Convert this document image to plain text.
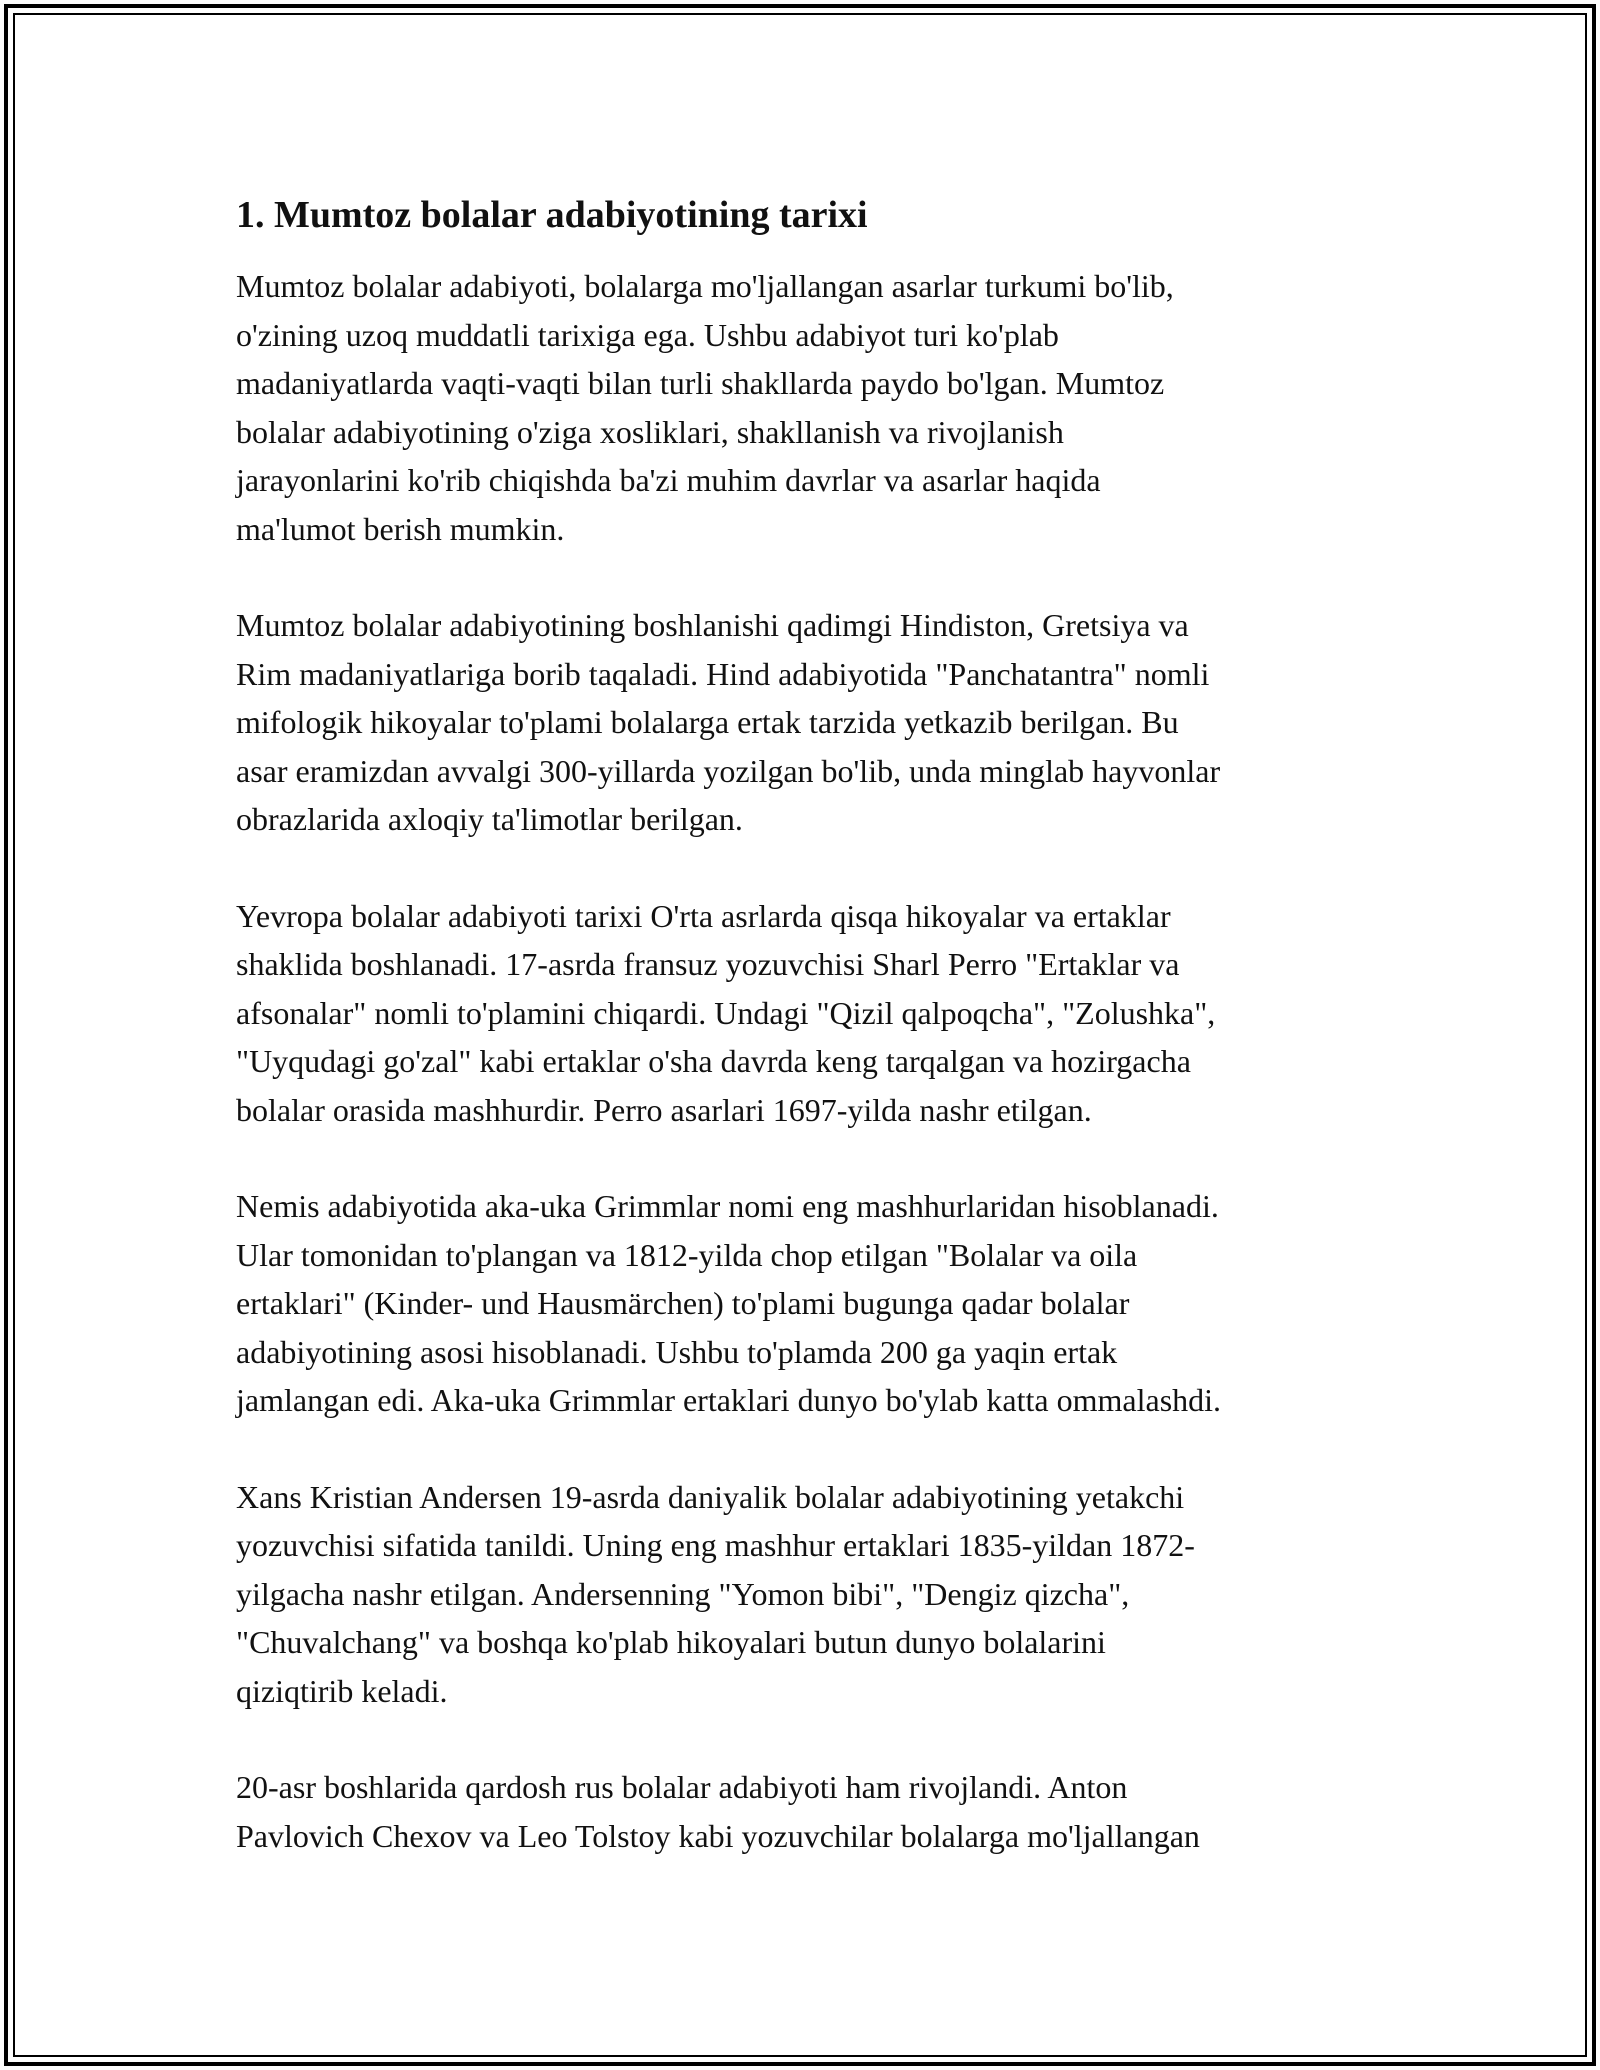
1. Mumtoz bolalar adabiyotining tarixi

Mumtoz bolalar adabiyoti, bolalarga mo'ljallangan asarlar turkumi bo'lib,
o'zining uzoq muddatli tarixiga ega. Ushbu adabiyot turi ko'plab
madaniyatlarda vaqti-vaqti bilan turli shakllarda paydo bo'lgan. Mumtoz
bolalar adabiyotining o'ziga xosliklari, shakllanish va rivojlanish
jarayonlarini ko'rib chiqishda ba'zi muhim davrlar va asarlar haqida
ma'lumot berish mumkin.

Mumtoz bolalar adabiyotining boshlanishi qadimgi Hindiston, Gretsiya va
Rim madaniyatlariga borib taqaladi. Hind adabiyotida "Panchatantra" nomli
mifologik hikoyalar to'plami bolalarga ertak tarzida yetkazib berilgan. Bu
asar eramizdan avvalgi 300-yillarda yozilgan bo'lib, unda minglab hayvonlar
obrazlarida axloqiy ta'limotlar berilgan.

Yevropa bolalar adabiyoti tarixi O'rta asrlarda qisqa hikoyalar va ertaklar
shaklida boshlanadi. 17-asrda fransuz yozuvchisi Sharl Perro "Ertaklar va
afsonalar" nomli to'plamini chiqardi. Undagi "Qizil qalpoqcha", "Zolushka",
"Uyqudagi go'zal" kabi ertaklar o'sha davrda keng tarqalgan va hozirgacha
bolalar orasida mashhurdir. Perro asarlari 1697-yilda nashr etilgan.

Nemis adabiyotida aka-uka Grimmlar nomi eng mashhurlaridan hisoblanadi.
Ular tomonidan to'plangan va 1812-yilda chop etilgan "Bolalar va oila
ertaklari" (Kinder- und Hausmärchen) to'plami bugunga qadar bolalar
adabiyotining asosi hisoblanadi. Ushbu to'plamda 200 ga yaqin ertak
jamlangan edi. Aka-uka Grimmlar ertaklari dunyo bo'ylab katta ommalashdi.

Xans Kristian Andersen 19-asrda daniyalik bolalar adabiyotining yetakchi
yozuvchisi sifatida tanildi. Uning eng mashhur ertaklari 1835-yildan 1872-
yilgacha nashr etilgan. Andersenning "Yomon bibi", "Dengiz qizcha",
"Chuvalchang" va boshqa ko'plab hikoyalari butun dunyo bolalarini
qiziqtirib keladi.

20-asr boshlarida qardosh rus bolalar adabiyoti ham rivojlandi. Anton
Pavlovich Chexov va Leo Tolstoy kabi yozuvchilar bolalarga mo'ljallangan
